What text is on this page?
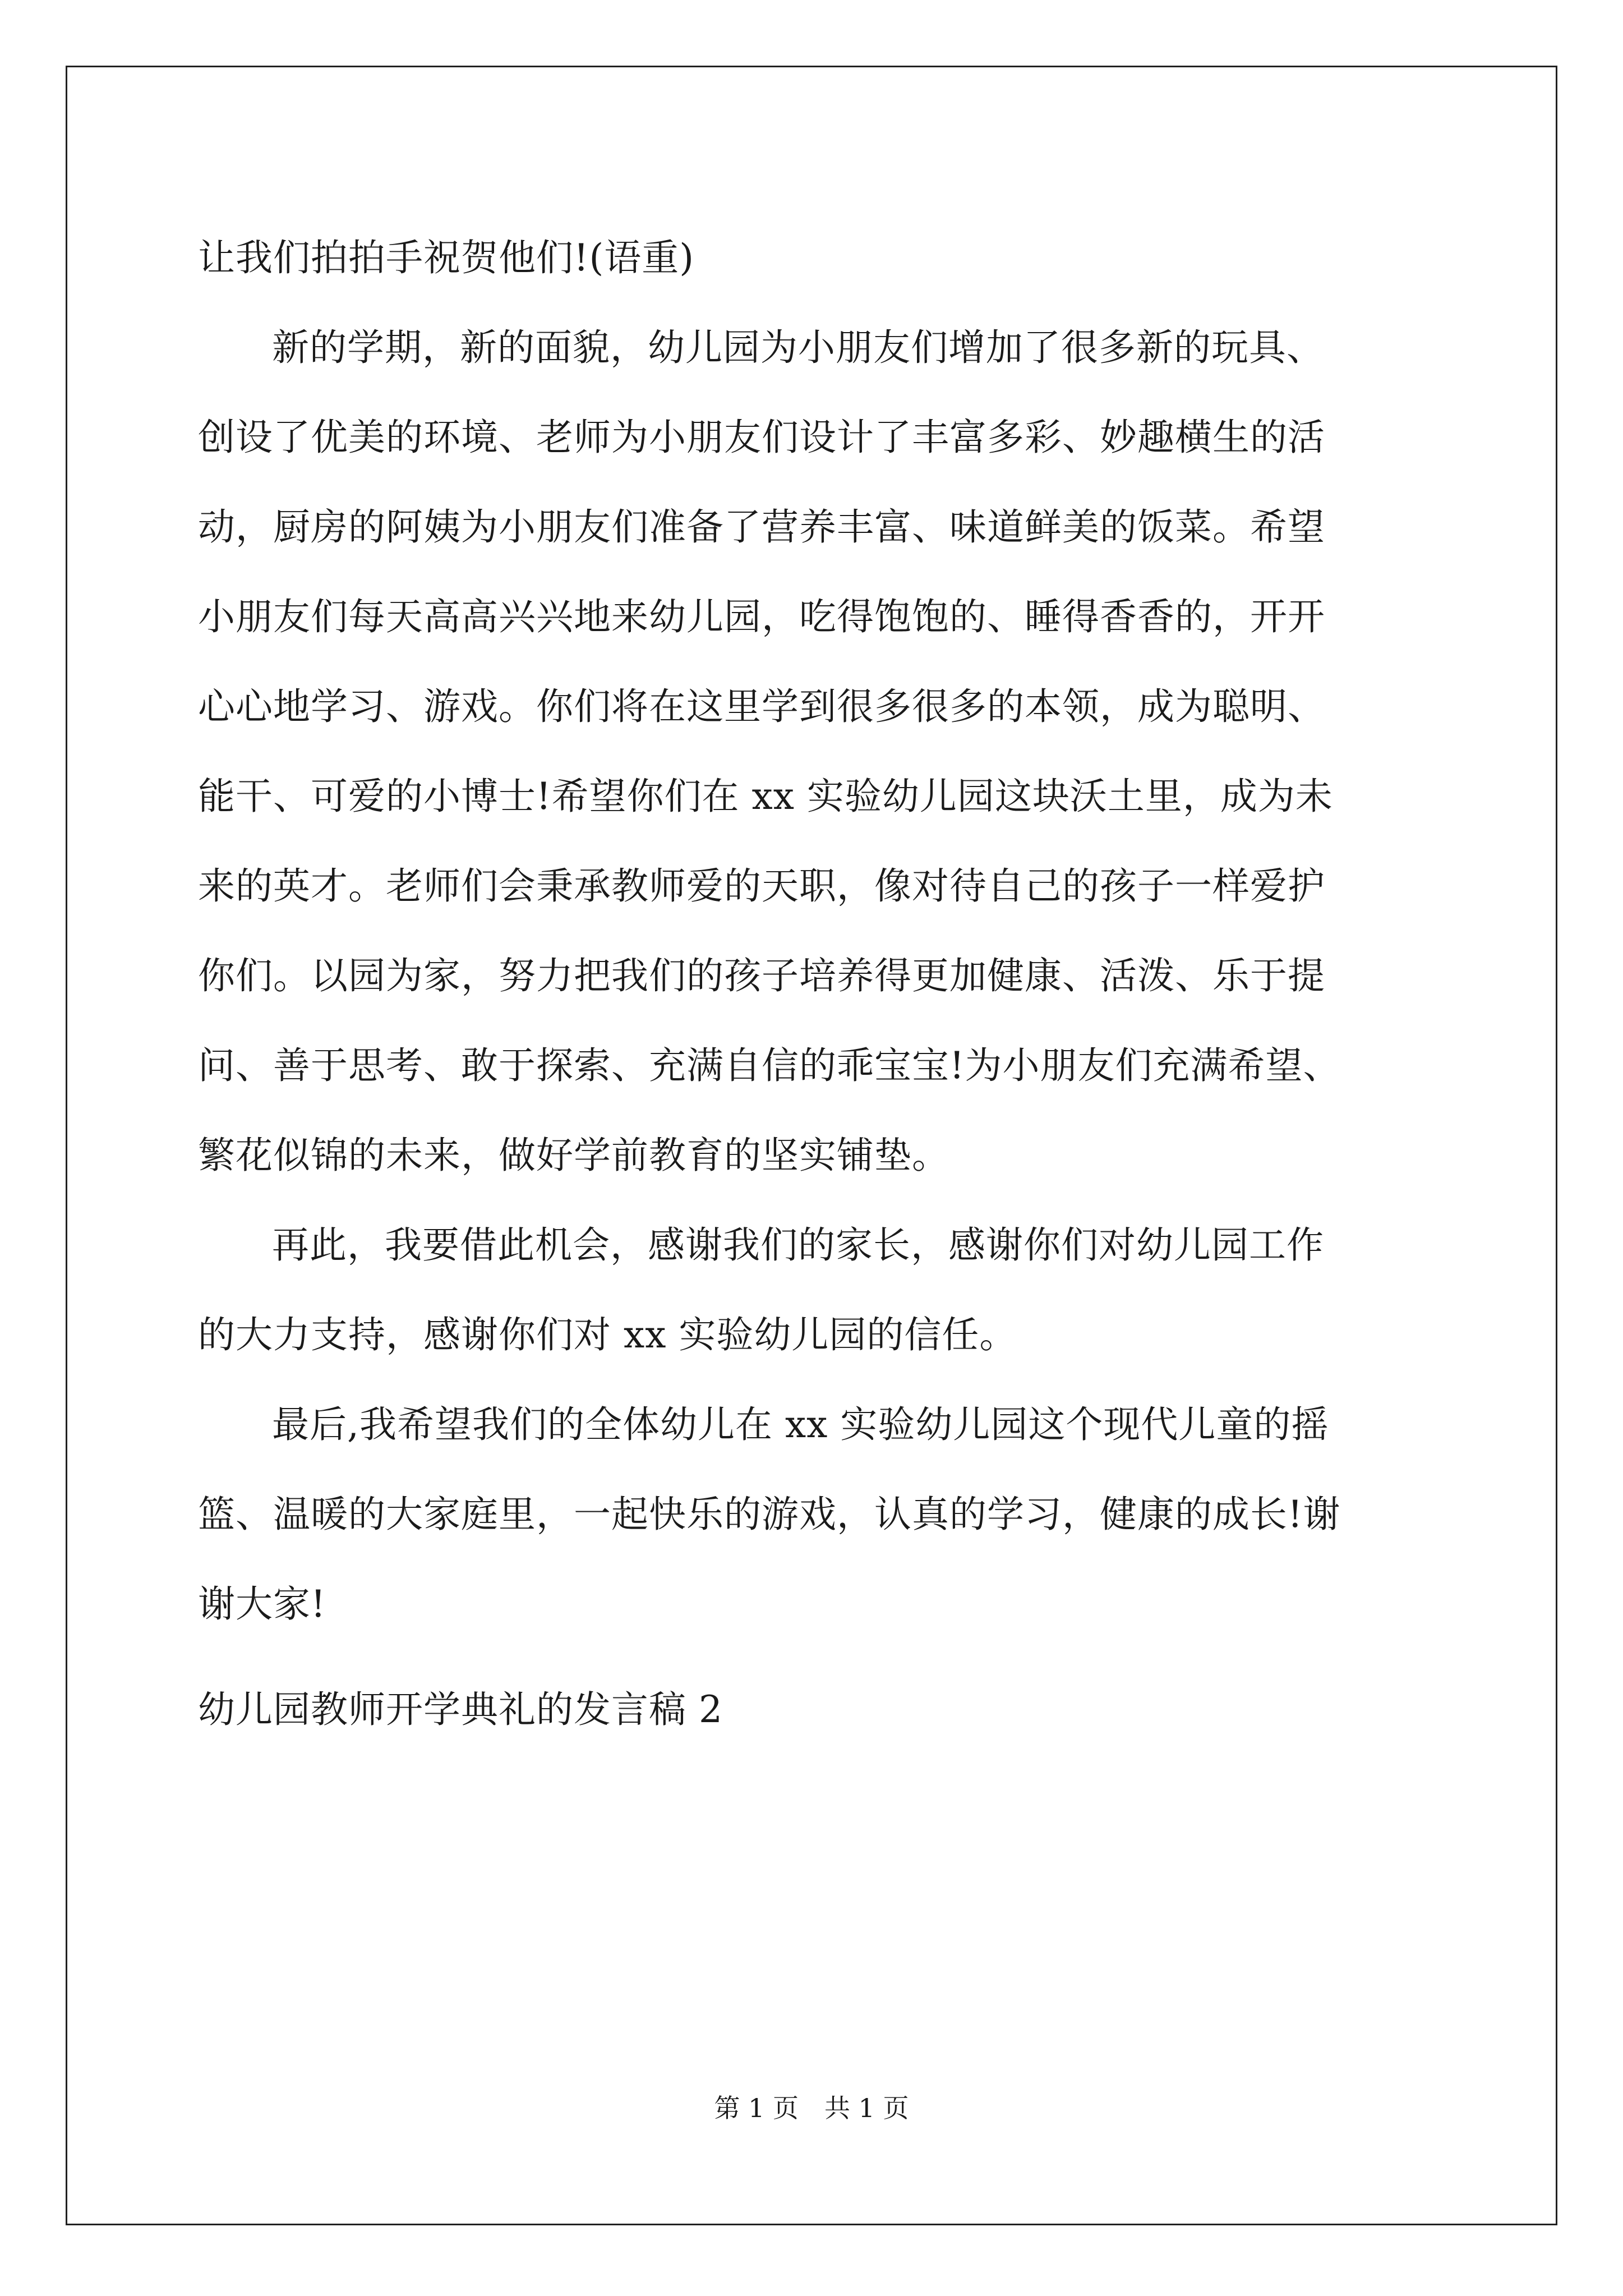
让我们拍拍手祝贺他们!(语重)
新的学期，新的面貌，幼儿园为小朋友们增加了很多新的玩具、
创设了优美的环境、老师为小朋友们设计了丰富多彩、妙趣横生的活
动，厨房的阿姨为小朋友们准备了营养丰富、味道鲜美的饭菜。希望
小朋友们每天高高兴兴地来幼儿园，吃得饱饱的、睡得香香的，开开
心心地学习、游戏。你们将在这里学到很多很多的本领，成为聪明、
能干、可爱的小博士!希望你们在 xx 实验幼儿园这块沃土里，成为未
来的英才。老师们会秉承教师爱的天职，像对待自己的孩子一样爱护
你们。以园为家，努力把我们的孩子培养得更加健康、活泼、乐于提
问、善于思考、敢于探索、充满自信的乖宝宝!为小朋友们充满希望、
繁花似锦的未来，做好学前教育的坚实铺垫。
再此，我要借此机会，感谢我们的家长，感谢你们对幼儿园工作
的大力支持，感谢你们对 xx 实验幼儿园的信任。
最后,我希望我们的全体幼儿在 xx 实验幼儿园这个现代儿童的摇
篮、温暖的大家庭里，一起快乐的游戏，认真的学习，健康的成长!谢
谢大家!
幼儿园教师开学典礼的发言稿 2
第 1 页　共 1 页
